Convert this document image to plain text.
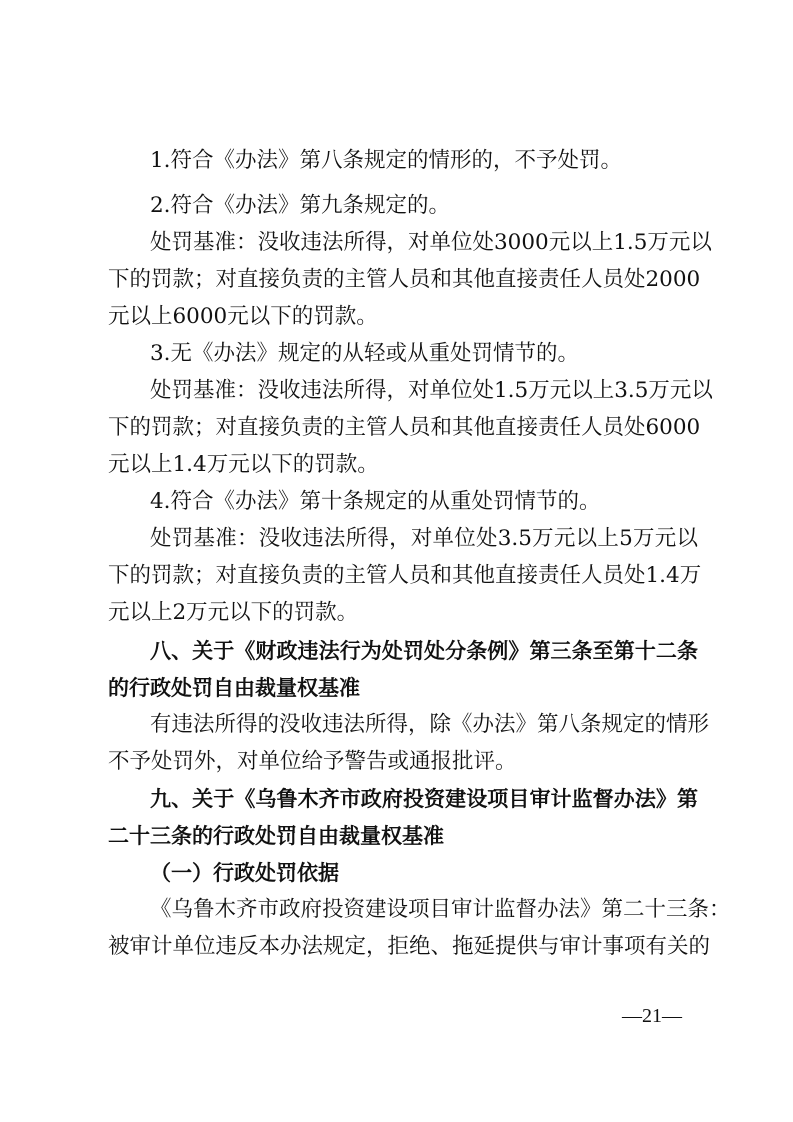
1.符合《办法》第八条规定的情形的，不予处罚。
2.符合《办法》第九条规定的。
处罚基准：没收违法所得，对单位处3000元以上1.5万元以
下的罚款；对直接负责的主管人员和其他直接责任人员处2000
元以上6000元以下的罚款。
3.无《办法》规定的从轻或从重处罚情节的。
处罚基准：没收违法所得，对单位处1.5万元以上3.5万元以
下的罚款；对直接负责的主管人员和其他直接责任人员处6000
元以上1.4万元以下的罚款。
4.符合《办法》第十条规定的从重处罚情节的。
处罚基准：没收违法所得，对单位处3.5万元以上5万元以
下的罚款；对直接负责的主管人员和其他直接责任人员处1.4万
元以上2万元以下的罚款。
八、关于《财政违法行为处罚处分条例》第三条至第十二条
的行政处罚自由裁量权基准
有违法所得的没收违法所得，除《办法》第八条规定的情形
不予处罚外，对单位给予警告或通报批评。
九、关于《乌鲁木齐市政府投资建设项目审计监督办法》第
二十三条的行政处罚自由裁量权基准
（一）行政处罚依据
《乌鲁木齐市政府投资建设项目审计监督办法》第二十三条：
被审计单位违反本办法规定，拒绝、拖延提供与审计事项有关的
—21—
